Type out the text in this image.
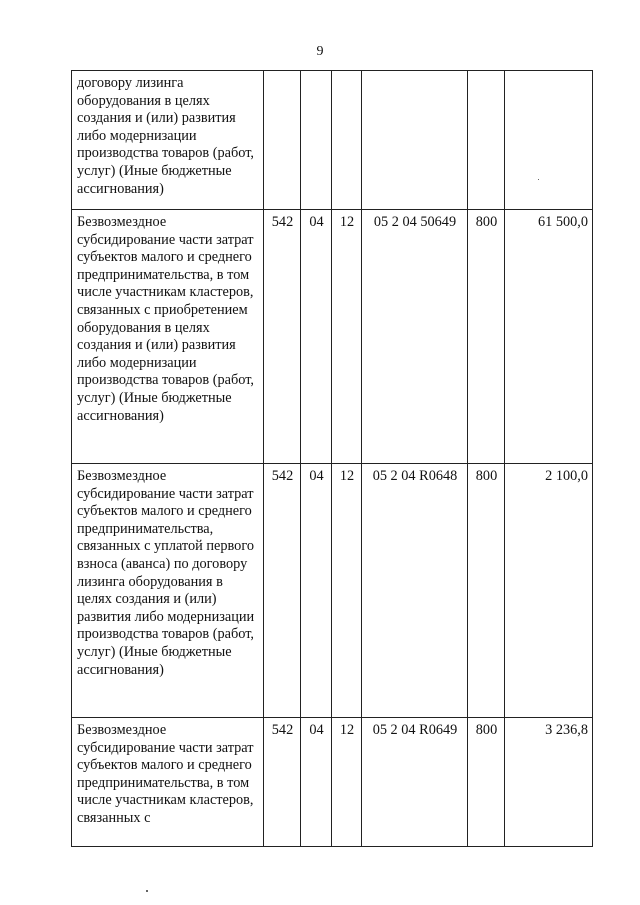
9
договору лизинга оборудования в целях создания и (или) развития либо модернизации производства товаров (работ, услуг) (Иные бюджетные ассигнования)						
Безвозмездное субсидирование части затрат субъектов малого и среднего предпринимательства, в том числе участникам кластеров, связанных с приобретением оборудования в целях создания и (или) развития либо модернизации производства товаров (работ, услуг) (Иные бюджетные ассигнования)	542	04	12	05 2 04 50649	800	61 500,0
Безвозмездное субсидирование части затрат субъектов малого и среднего предпринимательства, связанных с уплатой первого взноса (аванса) по договору лизинга оборудования в целях создания и (или) развития либо модернизации производства товаров (работ, услуг) (Иные бюджетные ассигнования)	542	04	12	05 2 04 R0648	800	2 100,0
Безвозмездное субсидирование части затрат субъектов малого и среднего предпринимательства, в том числе участникам кластеров, связанных с	542	04	12	05 2 04 R0649	800	3 236,8
